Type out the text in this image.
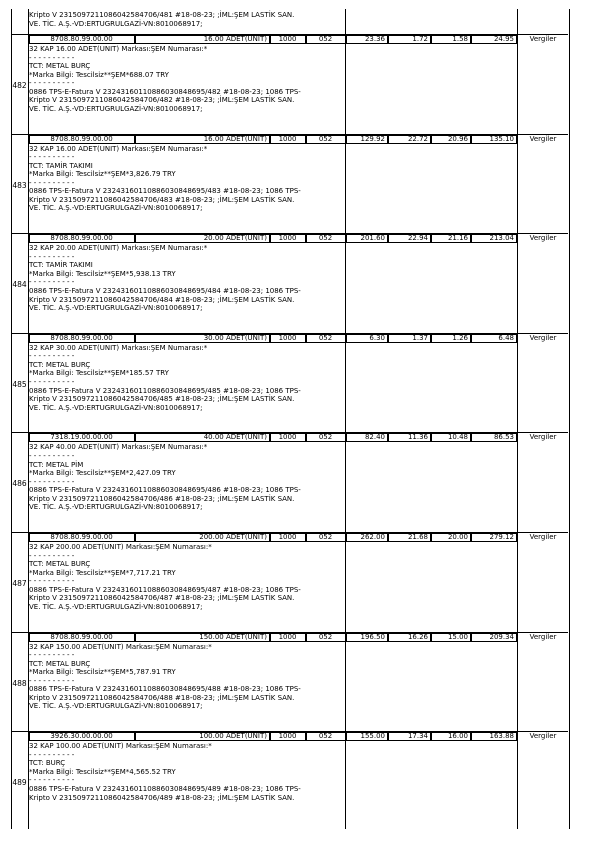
Kripto V 23150972110860425847​06/481 #18-08-23; ;İML:ŞEM LASTİK SAN.
VE. TİC. A.Ş.-VD:ERTUGRULGAZİ-VN:8010068917;
8708.80.99.00.00	16.00 ADET(UNIT)	1000	052	23.36	1.72	1.58	24.95	Vergiler
32 KAP 16.00 ADET(UNIT) Markası:ŞEM Numarası:*
- - - - - - - - - -
TCT: METAL BURÇ
*Marka Bilgi: Tescilsiz**ŞEM*688.07 TRY
- - - - - - - - - -
0886 TPS-E-Fatura V 2324316011088603084869​5/482 #18-08-23; 1086 TPS-
Kripto V 23150972110860425847​06/482 #18-08-23; ;İML:ŞEM LASTİK SAN.
VE. TİC. A.Ş.-VD:ERTUGRULGAZİ-VN:8010068917;
482
8708.80.99.00.00	16.00 ADET(UNIT)	1000	052	129.92	22.72	20.96	135.10	Vergiler
32 KAP 16.00 ADET(UNIT) Markası:ŞEM Numarası:*
- - - - - - - - - -
TCT: TAMİR TAKIMI
*Marka Bilgi: Tescilsiz**ŞEM*3,826.79 TRY
- - - - - - - - - -
0886 TPS-E-Fatura V 2324316011088603084869​5/483 #18-08-23; 1086 TPS-
Kripto V 23150972110860425847​06/483 #18-08-23; ;İML:ŞEM LASTİK SAN.
VE. TİC. A.Ş.-VD:ERTUGRULGAZİ-VN:8010068917;
483
8708.80.99.00.00	20.00 ADET(UNIT)	1000	052	201.60	22.94	21.16	213.04	Vergiler
32 KAP 20.00 ADET(UNIT) Markası:ŞEM Numarası:*
- - - - - - - - - -
TCT: TAMİR TAKIMI
*Marka Bilgi: Tescilsiz**ŞEM*5,938.13 TRY
- - - - - - - - - -
0886 TPS-E-Fatura V 2324316011088603084869​5/484 #18-08-23; 1086 TPS-
Kripto V 23150972110860425847​06/484 #18-08-23; ;İML:ŞEM LASTİK SAN.
VE. TİC. A.Ş.-VD:ERTUGRULGAZİ-VN:8010068917;
484
8708.80.99.00.00	30.00 ADET(UNIT)	1000	052	6.30	1.37	1.26	6.48	Vergiler
32 KAP 30.00 ADET(UNIT) Markası:ŞEM Numarası:*
- - - - - - - - - -
TCT: METAL BURÇ
*Marka Bilgi: Tescilsiz**ŞEM*185.57 TRY
- - - - - - - - - -
0886 TPS-E-Fatura V 2324316011088603084869​5/485 #18-08-23; 1086 TPS-
Kripto V 23150972110860425847​06/485 #18-08-23; ;İML:ŞEM LASTİK SAN.
VE. TİC. A.Ş.-VD:ERTUGRULGAZİ-VN:8010068917;
485
7318.19.00.00.00	40.00 ADET(UNIT)	1000	052	82.40	11.36	10.48	86.53	Vergiler
32 KAP 40.00 ADET(UNIT) Markası:ŞEM Numarası:*
- - - - - - - - - -
TCT: METAL PİM
*Marka Bilgi: Tescilsiz**ŞEM*2,427.09 TRY
- - - - - - - - - -
0886 TPS-E-Fatura V 2324316011088603084869​5/486 #18-08-23; 1086 TPS-
Kripto V 23150972110860425847​06/486 #18-08-23; ;İML:ŞEM LASTİK SAN.
VE. TİC. A.Ş.-VD:ERTUGRULGAZİ-VN:8010068917;
486
8708.80.99.00.00	200.00 ADET(UNIT)	1000	052	262.00	21.68	20.00	279.12	Vergiler
32 KAP 200.00 ADET(UNIT) Markası:ŞEM Numarası:*
- - - - - - - - - -
TCT: METAL BURÇ
*Marka Bilgi: Tescilsiz**ŞEM*7,717.21 TRY
- - - - - - - - - -
0886 TPS-E-Fatura V 2324316011088603084869​5/487 #18-08-23; 1086 TPS-
Kripto V 23150972110860425847​06/487 #18-08-23; ;İML:ŞEM LASTİK SAN.
VE. TİC. A.Ş.-VD:ERTUGRULGAZİ-VN:8010068917;
487
8708.80.99.00.00	150.00 ADET(UNIT)	1000	052	196.50	16.26	15.00	209.34	Vergiler
32 KAP 150.00 ADET(UNIT) Markası:ŞEM Numarası:*
- - - - - - - - - -
TCT: METAL BURÇ
*Marka Bilgi: Tescilsiz**ŞEM*5,787.91 TRY
- - - - - - - - - -
0886 TPS-E-Fatura V 2324316011088603084869​5/488 #18-08-23; 1086 TPS-
Kripto V 23150972110860425847​06/488 #18-08-23; ;İML:ŞEM LASTİK SAN.
VE. TİC. A.Ş.-VD:ERTUGRULGAZİ-VN:8010068917;
488
3926.30.00.00.00	100.00 ADET(UNIT)	1000	052	155.00	17.34	16.00	163.88	Vergiler
32 KAP 100.00 ADET(UNIT) Markası:ŞEM Numarası:*
- - - - - - - - - -
TCT: BURÇ
*Marka Bilgi: Tescilsiz**ŞEM*4,565.52 TRY
- - - - - - - - - -
0886 TPS-E-Fatura V 2324316011088603084869​5/489 #18-08-23; 1086 TPS-
Kripto V 23150972110860425847​06/489 #18-08-23; ;İML:ŞEM LASTİK SAN.
489
